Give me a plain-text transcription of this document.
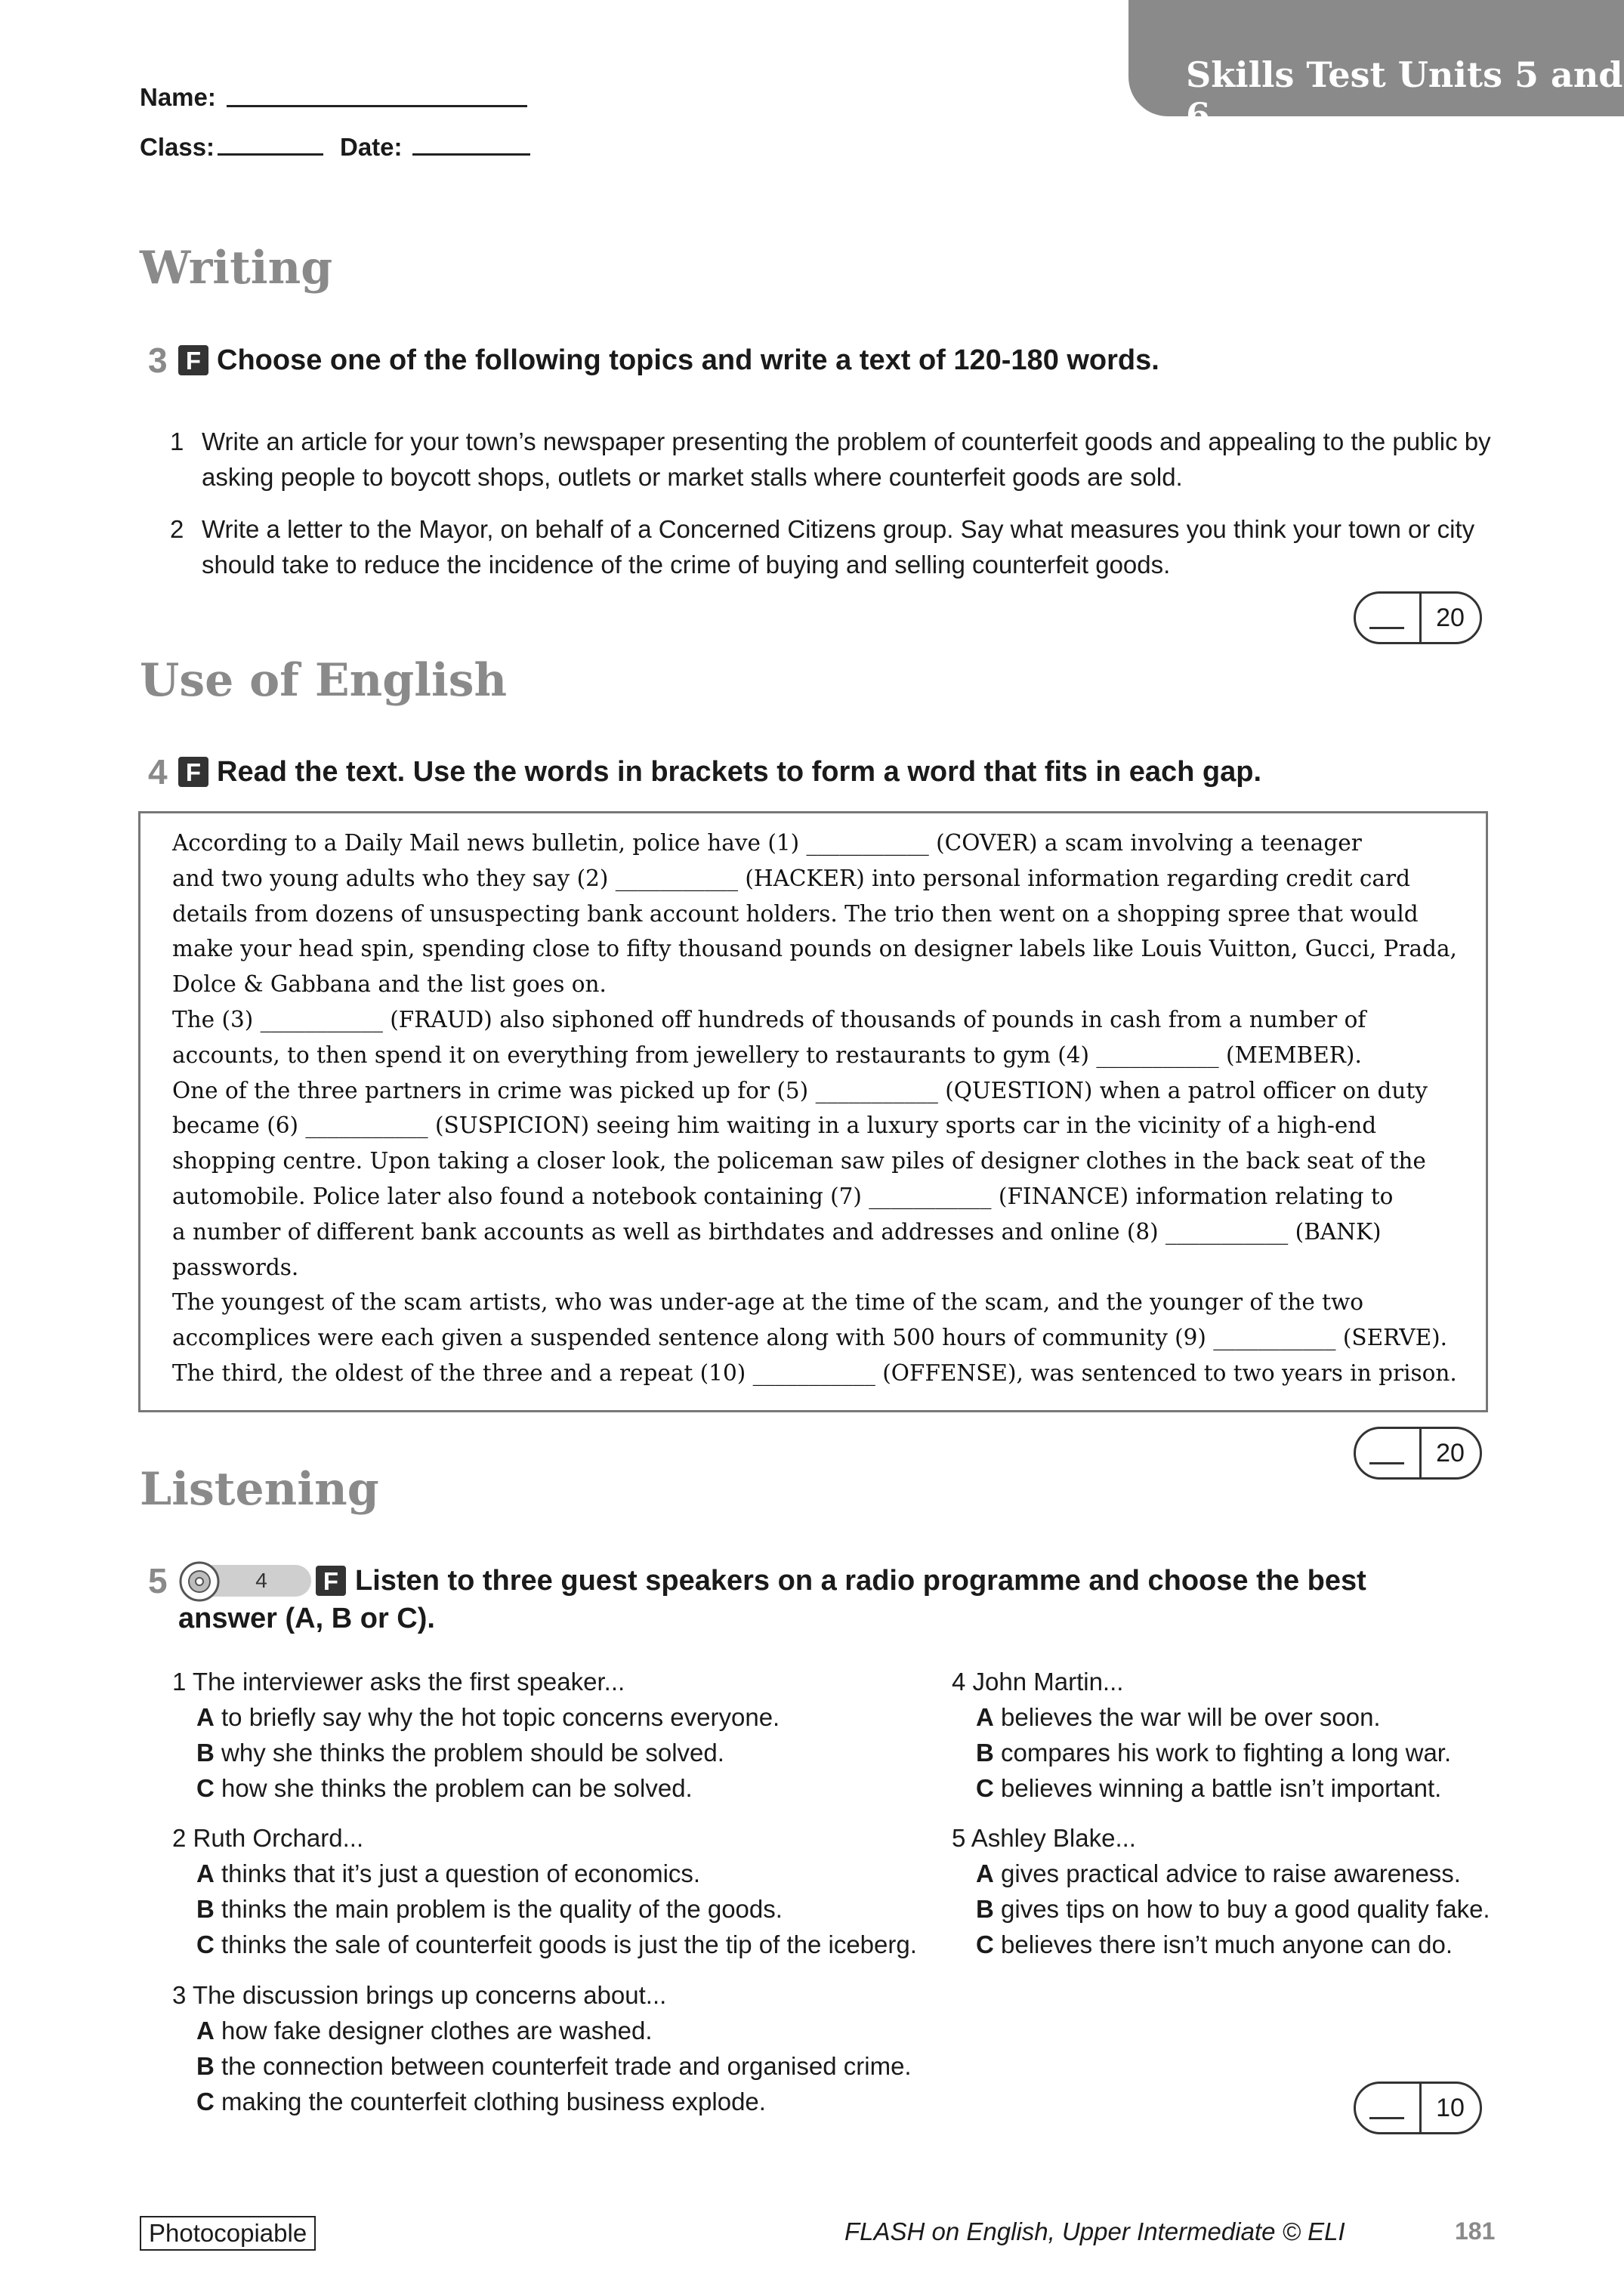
Skills Test Units 5 and 6
Name:
Class:	Date:
Writing
3 F Choose one of the following topics and write a text of 120-180 words.
1 Write an article for your town’s newspaper presenting the problem of counterfeit goods and appealing to the public by asking people to boycott shops, outlets or market stalls where counterfeit goods are sold.
2 Write a letter to the Mayor, on behalf of a Concerned Citizens group. Say what measures you think your town or city should take to reduce the incidence of the crime of buying and selling counterfeit goods.
20
Use of English
4 F Read the text. Use the words in brackets to form a word that fits in each gap.
According to a Daily Mail news bulletin, police have (1) ___________ (COVER) a scam involving a teenager
and two young adults who they say (2) ___________ (HACKER) into personal information regarding credit card
details from dozens of unsuspecting bank account holders. The trio then went on a shopping spree that would
make your head spin, spending close to fifty thousand pounds on designer labels like Louis Vuitton, Gucci, Prada,
Dolce & Gabbana and the list goes on.
The (3) ___________ (FRAUD) also siphoned off hundreds of thousands of pounds in cash from a number of
accounts, to then spend it on everything from jewellery to restaurants to gym (4) ___________ (MEMBER).
One of the three partners in crime was picked up for (5) ___________ (QUESTION) when a patrol officer on duty
became (6) ___________ (SUSPICION) seeing him waiting in a luxury sports car in the vicinity of a high-end
shopping centre. Upon taking a closer look, the policeman saw piles of designer clothes in the back seat of the
automobile. Police later also found a notebook containing (7) ___________ (FINANCE) information relating to
a number of different bank accounts as well as birthdates and addresses and online (8) ___________ (BANK)
passwords.
The youngest of the scam artists, who was under-age at the time of the scam, and the younger of the two
accomplices were each given a suspended sentence along with 500 hours of community (9) ___________ (SERVE).
The third, the oldest of the three and a repeat (10) ___________ (OFFENSE), was sentenced to two years in prison.
20
Listening
5	4	F Listen to three guest speakers on a radio programme and choose the best
answer (A, B or C).
1 The interviewer asks the first speaker...
A to briefly say why the hot topic concerns everyone.
B why she thinks the problem should be solved.
C how she thinks the problem can be solved.
2 Ruth Orchard...
A thinks that it’s just a question of economics.
B thinks the main problem is the quality of the goods.
C thinks the sale of counterfeit goods is just the tip of the iceberg.
3 The discussion brings up concerns about...
A how fake designer clothes are washed.
B the connection between counterfeit trade and organised crime.
C making the counterfeit clothing business explode.
4 John Martin...
A believes the war will be over soon.
B compares his work to fighting a long war.
C believes winning a battle isn’t important.
5 Ashley Blake...
A gives practical advice to raise awareness.
B gives tips on how to buy a good quality fake.
C believes there isn’t much anyone can do.
10
Photocopiable	FLASH on English, Upper Intermediate © ELI	181
